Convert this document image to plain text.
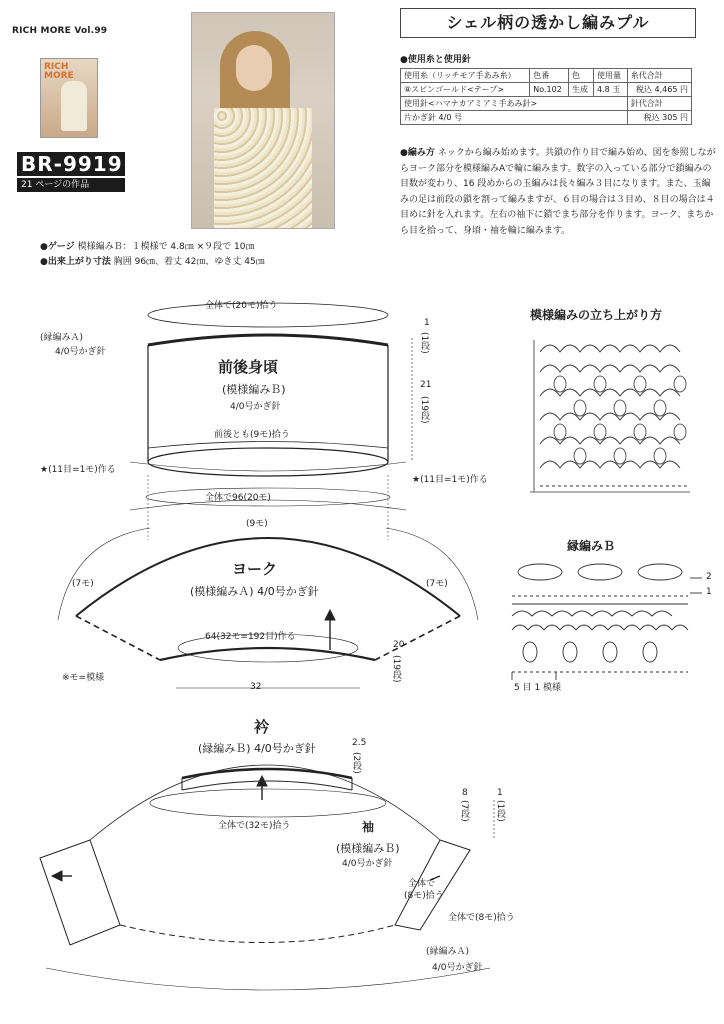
RICH MORE Vol.99
RICH MORE
BR-9919
21 ページの作品
シェル柄の透かし編みプル
●使用糸と使用針
使用糸（リッチモア手あみ糸）	色番	色	使用量	糸代合計
⑧スピンゴールド<テープ>	No.102	生成	4.8 玉	税込 4,465 円
使用針<ハマナカアミアミ手あみ針>				針代合計
片かぎ針 4/0 号				税込 305 円
●編み方 ネックから編み始めます。共鎖の作り目で編み始め、図を参照しながらヨーク部分を模様編みAで輪に編みます。数字の入っている部分で鎖編みの目数が変わり、16 段めからの玉編みは長々編み３目になります。また、玉編みの足は前段の鎖を割って編みますが、６目の場合は３目め、８目の場合は４目めに針を入れます。左右の袖下に鎖でまち部分を作ります。ヨーク、まちから目を拾って、身頃・袖を輪に編みます。
●ゲージ 模様編みＢ：１模様で 4.8㎝ ×９段で 10㎝
●出来上がり寸法 胸囲 96㎝、着丈 42㎝、ゆき丈 45㎝
全体で(20モ)拾う
(縁編みＡ)
4/0号かぎ針
前後身頃
(模様編みＢ)
4/0号かぎ針
前後とも(9モ)拾う
1
(1段)
21
(19段)
★(11目=1モ)作る
★(11目=1モ)作る
全体で96(20モ)
(9モ)
ヨーク
(模様編みＡ) 4/0号かぎ針
(7モ)	(7モ)
64(32モ=192目)作る
20
(19段)
※モ=模様
32
衿
(縁編みＢ) 4/0号かぎ針	2.5
(2段)
全体で(32モ)拾う
8
(7段)
1
(1段)
袖
(模様編みＢ)
4/0号かぎ針
全体で
(8モ)拾う
全体で(8モ)拾う
(縁編みＡ)
4/0号かぎ針
模様編みの立ち上がり方
縁編みＢ
2
1
5 目 1 模様
